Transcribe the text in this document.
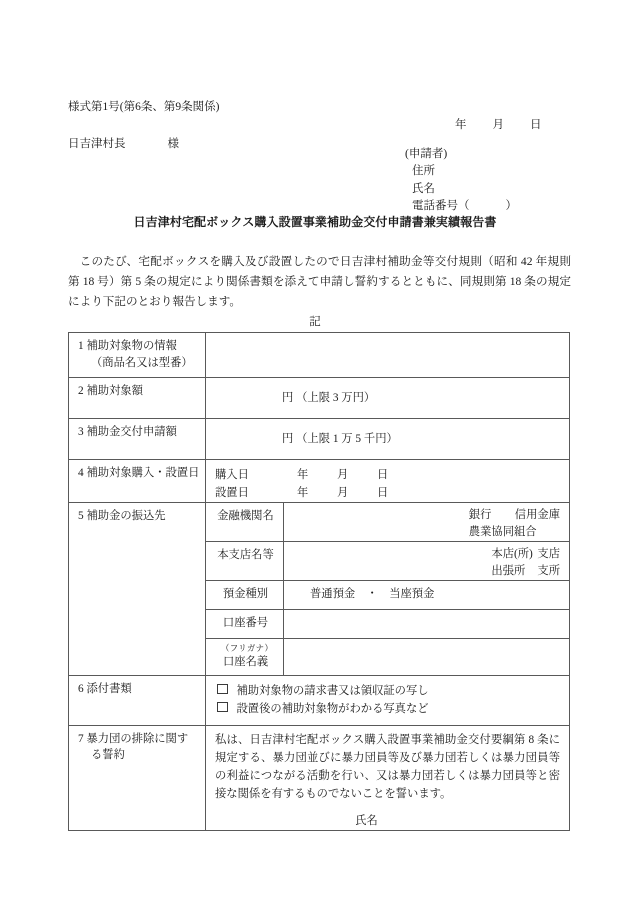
様式第1号(第6条、第9条関係)
年 月 日
日吉津村長	様
(申請者)
住所
氏名
電話番号（	）
日吉津村宅配ボックス購入設置事業補助金交付申請書兼実績報告書
このたび、宅配ボックスを購入及び設置したので日吉津村補助金等交付規則（昭和 42 年規則第 18 号）第 5 条の規定により関係書類を添えて申請し誓約するとともに、同規則第 18 条の規定により下記のとおり報告します。
記
1 補助対象物の情報
（商品名又は型番）		

2 補助対象額	円 （上限 3 万円）	

3 補助金交付申請額	円 （上限 1 万 5 千円）	

4 補助対象購入・設置日	購入日 年 月 日
設置日 年 月 日	

5 補助金の振込先	金融機関名	銀行 信用金庫
農業協同組合

	本支店名等	本店(所) 支店
出張所 支所

	預金種別	普通預金 ・ 当座預金

	口座番号	

	（フリガナ）
口座名義	

6 添付書類	補助対象物の請求書又は領収証の写し
設置後の補助対象物がわかる写真など	

7 暴力団の排除に関す
る誓約

私は、日吉津村宅配ボックス購入設置事業補助金交付要綱第 8 条に規定する、暴力団並びに暴力団員等及び暴力団若しくは暴力団員等の利益につながる活動を行い、又は暴力団若しくは暴力団員等と密接な関係を有するものでないことを誓います。
氏名
